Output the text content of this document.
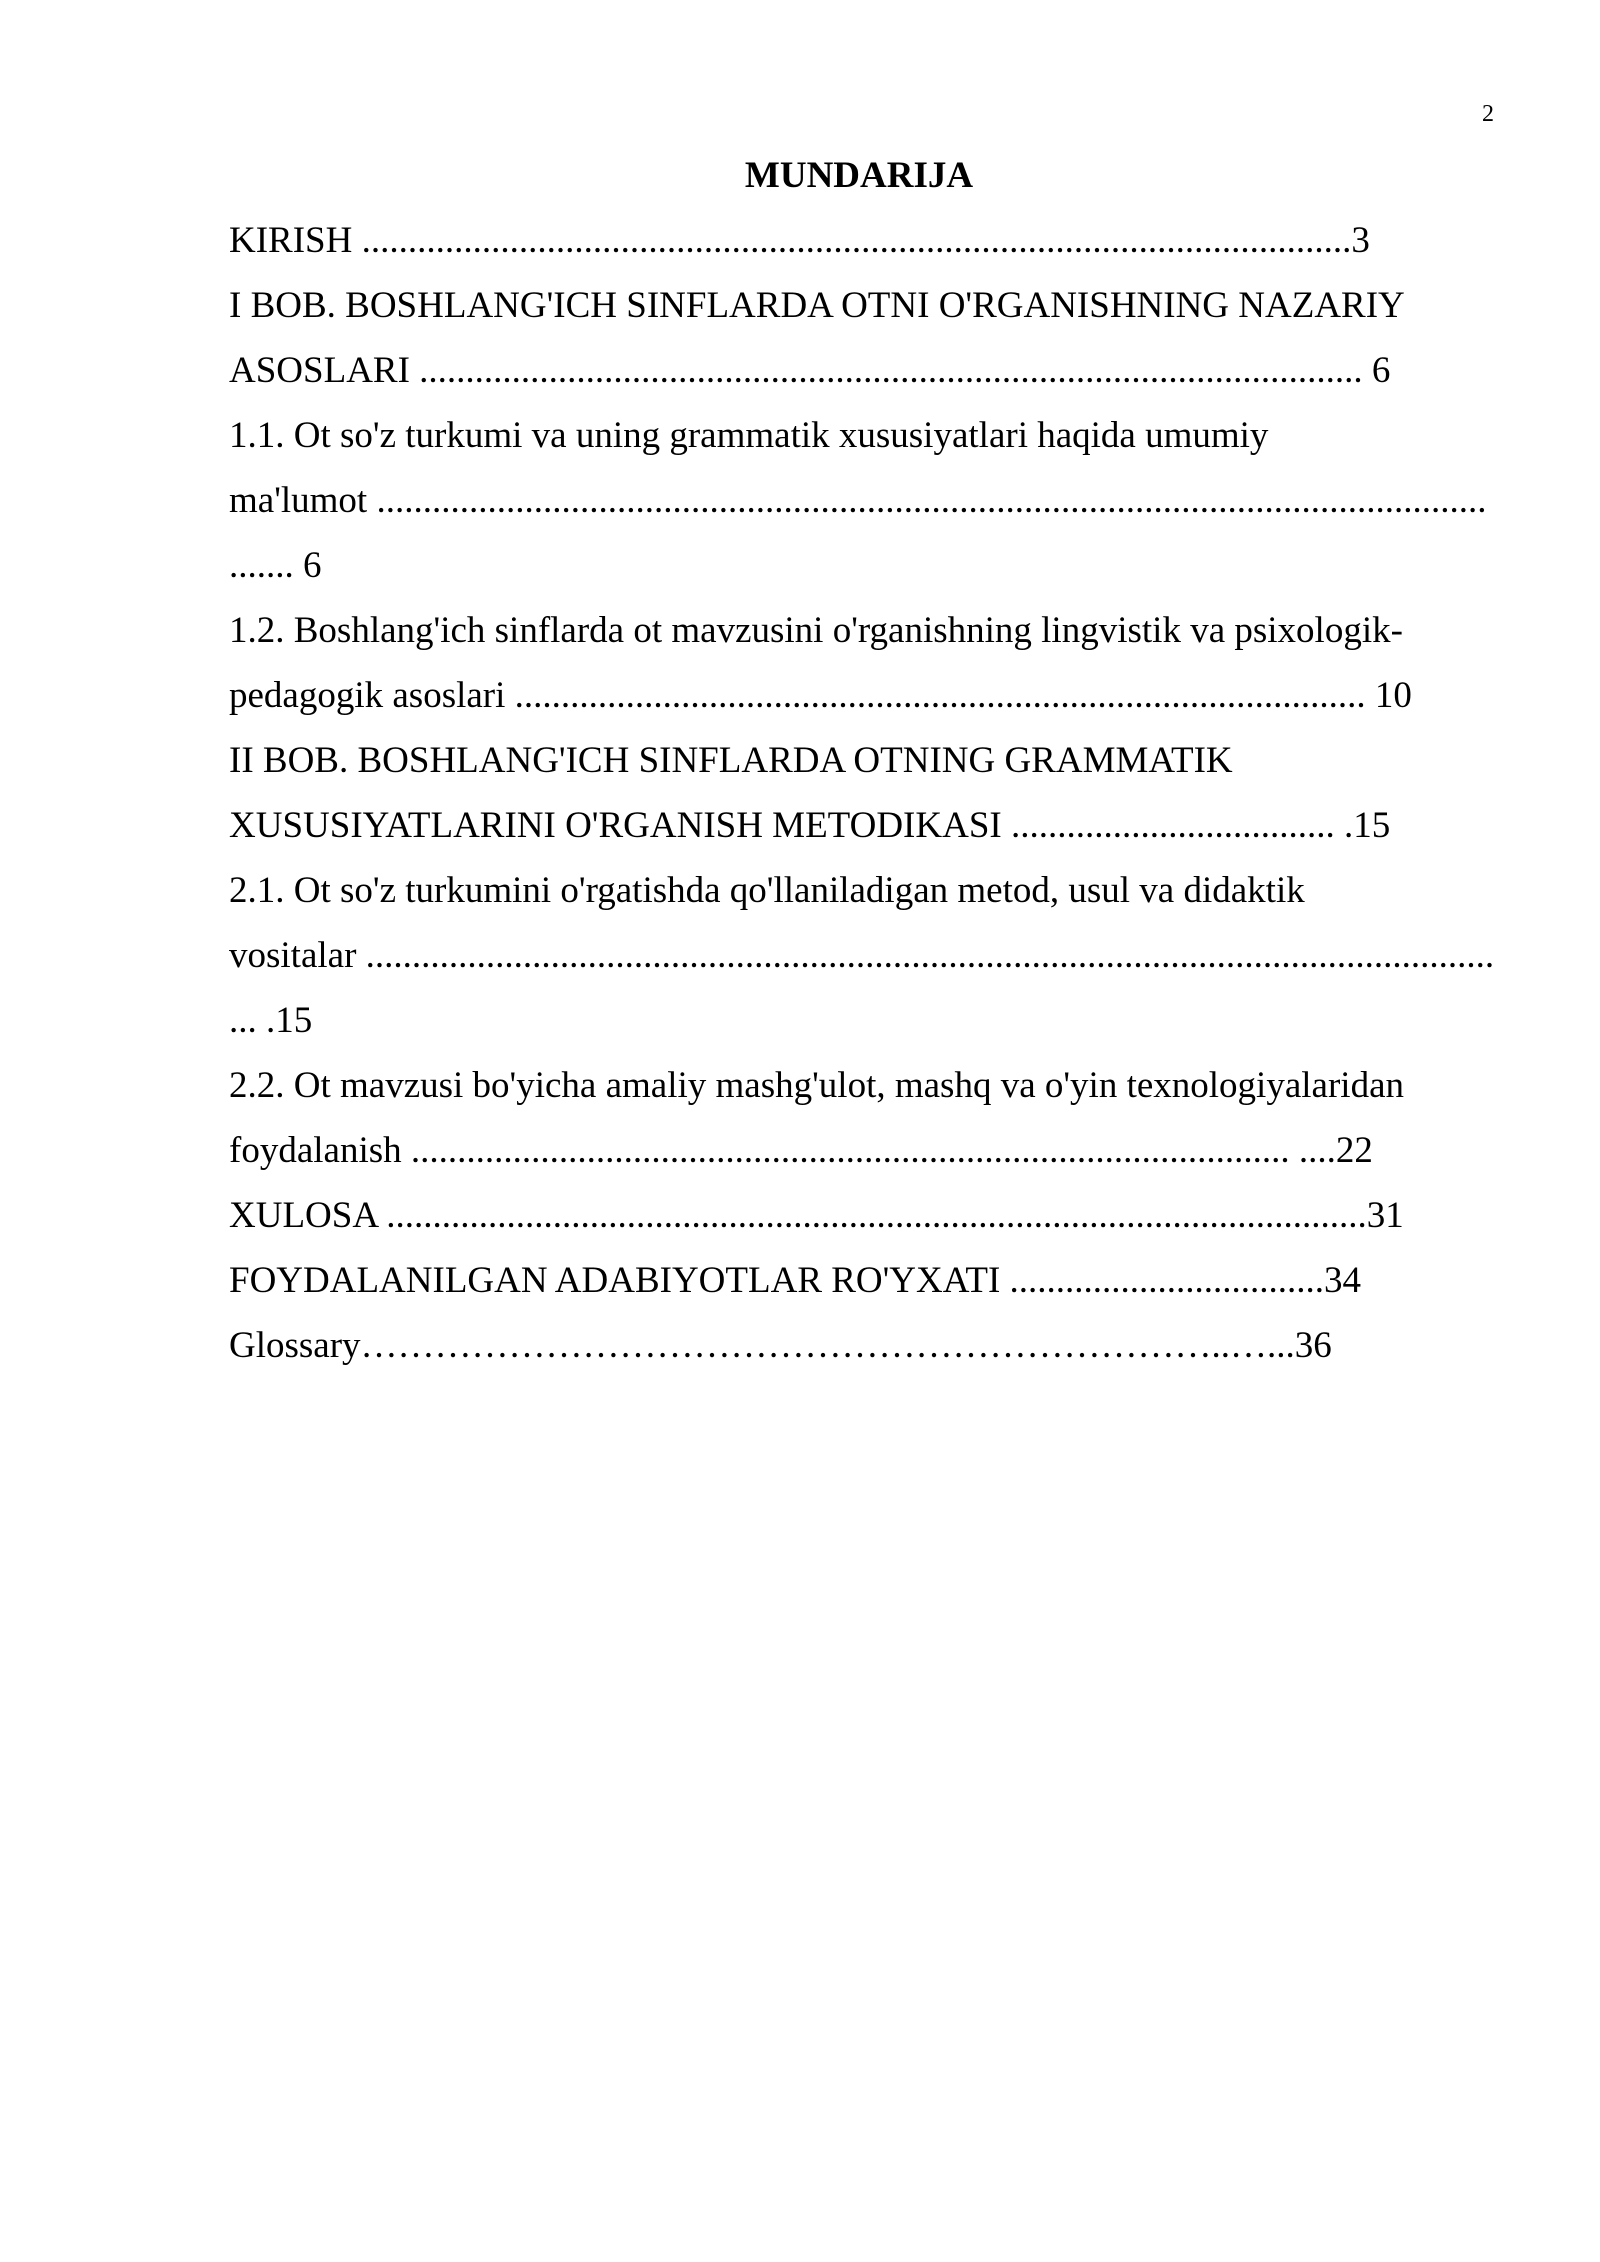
2
MUNDARIJA
KIRISH ...........................................................................................................3
I BOB. BOSHLANG'ICH SINFLARDA OTNI O'RGANISHNING NAZARIY
ASOSLARI ...................................................................................................... 6
1.1. Ot so'z turkumi va uning grammatik xususiyatlari haqida umumiy
ma'lumot ........................................................................................................................
....... 6
1.2. Boshlang'ich sinflarda ot mavzusini o'rganishning lingvistik va psixologik-
pedagogik asoslari ............................................................................................ 10
II BOB. BOSHLANG'ICH SINFLARDA OTNING GRAMMATIK
XUSUSIYATLARINI O'RGANISH METODIKASI ................................... .15
2.1. Ot so'z turkumini o'rgatishda qo'llaniladigan metod, usul va didaktik
vositalar ..........................................................................................................................
... .15
2.2. Ot mavzusi bo'yicha amaliy mashg'ulot, mashq va o'yin texnologiyalaridan
foydalanish ............................................................................................... ....22
XULOSA ..........................................................................................................31
FOYDALANILGAN ADABIYOTLAR RO'YXATI ..................................34
Glossary……………………………………………………………..…...36
